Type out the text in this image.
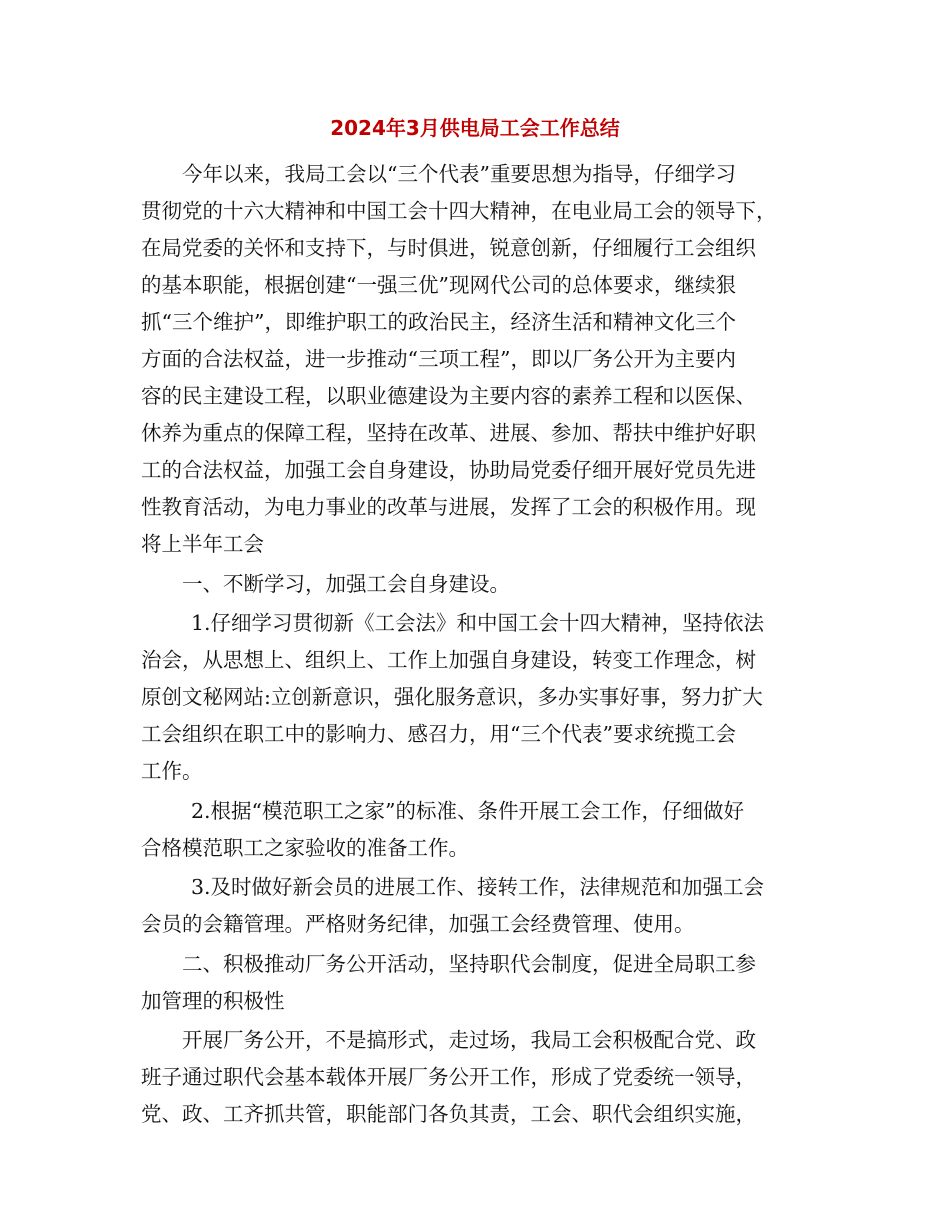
2024年3月供电局工会工作总结
今年以来，我局工会以“三个代表”重要思想为指导，仔细学习
贯彻党的十六大精神和中国工会十四大精神，在电业局工会的领导下，
在局党委的关怀和支持下，与时俱进，锐意创新，仔细履行工会组织
的基本职能，根据创建“一强三优”现网代公司的总体要求，继续狠
抓“三个维护”，即维护职工的政治民主，经济生活和精神文化三个
方面的合法权益，进一步推动“三项工程”，即以厂务公开为主要内
容的民主建设工程，以职业德建设为主要内容的素养工程和以医保、
休养为重点的保障工程，坚持在改革、进展、参加、帮扶中维护好职
工的合法权益，加强工会自身建设，协助局党委仔细开展好党员先进
性教育活动，为电力事业的改革与进展，发挥了工会的积极作用。现
将上半年工会
一、不断学习，加强工会自身建设。
1.仔细学习贯彻新《工会法》和中国工会十四大精神，坚持依法
治会，从思想上、组织上、工作上加强自身建设，转变工作理念，树
原创文秘网站:立创新意识，强化服务意识，多办实事好事，努力扩大
工会组织在职工中的影响力、感召力，用“三个代表”要求统揽工会
工作。
2.根据“模范职工之家”的标准、条件开展工会工作，仔细做好
合格模范职工之家验收的准备工作。
3.及时做好新会员的进展工作、接转工作，法律规范和加强工会
会员的会籍管理。严格财务纪律，加强工会经费管理、使用。
二、积极推动厂务公开活动，坚持职代会制度，促进全局职工参
加管理的积极性
开展厂务公开，不是搞形式，走过场，我局工会积极配合党、政
班子通过职代会基本载体开展厂务公开工作，形成了党委统一领导，
党、政、工齐抓共管，职能部门各负其责，工会、职代会组织实施，
